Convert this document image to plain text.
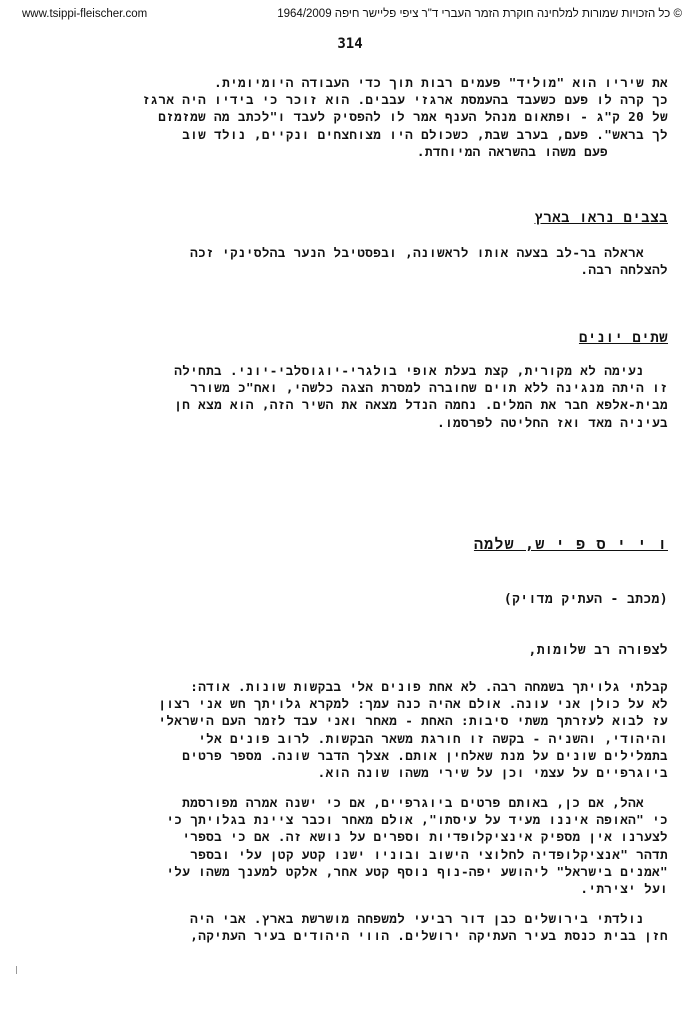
www.tsippi-fleischer.com	© כל הזכויות שמורות למלחינה חוקרת הזמר העברי ד"ר ציפי פליישר חיפה 1964/2009
314
את שיריו הוא "מוליד" פעמים רבות תוך כדי העבודה היומיומית.
כך קרה לו פעם כשעבד בהעמסת ארגזי עבבים. הוא זוכר כי בידיו היה ארגז
של 20 ק"ג - ופתאום מנהל הענף אמר לו להפסיק לעבד ו"לכתב מה שמזמזם
לך בראש". פעם, בערב שבת, כשכולם היו מצוחצחים ונקיים, נולד שוב
פעם משהו בהשראה המיוחדת.
בצבים נראו בארץ
אראלה בר-לב בצעה אותו לראשונה, ובפסטיבל הנער בהלסינקי זכה
להצלחה רבה.
שתים יונים
נעימה לא מקורית, קצת בעלת אופי בולגרי-יוגוסלבי-יוני. בתחילה
זו היתה מנגינה ללא תוים שחוברה למסרת הצגה כלשהי, ואח"כ משורר
מבית-אלפא חבר את המלים. נחמה הנדל מצאה את השיר הזה, הוא מצא חן
בעיניה מאד ואז החליטה לפרסמו.
ו י י ס פ י ש, שלמה
(מכתב - העתיק מדויק)
לצפורה רב שלומות,
קבלתי גלויתך בשמחה רבה. לא אחת פונים אלי בבקשות שונות. אודה:
לא על כולן אני עונה. אולם אהיה כנה עמך: למקרא גלויתך חש אני רצון
עז לבוא לעזרתך משתי סיבות: האחת - מאחר ואני עבד לזמר העם הישראלי
והיהודי, והשניה - בקשה זו חורגת משאר הבקשות. לרוב פונים אלי
בתמלילים שונים על מנת שאלחין אותם. אצלך הדבר שונה. מספר פרטים
ביוגרפיים על עצמי וכן על שירי משהו שונה הוא.
אהל, אם כן, באותם פרטים ביוגרפיים, אם כי ישנה אמרה מפורסמת
כי "האופה איננו מעיד על עיסתו", אולם מאחר וכבר ציינת בגלויתך כי
לצערנו אין מספיק אינציקלופדיות וספרים על נושא זה. אם כי בספרי
תדהר "אנציקלופדיה לחלוצי הישוב ובוניו ישנו קטע קטן עלי ובספר
"אמנים בישראל" ליהושע יפה-נוף נוסף קטע אחר, אלקט למענך משהו עלי
ועל יצירתי.
נולדתי בירושלים כבן דור רביעי למשפחה מושרשת בארץ. אבי היה
חזן בבית כנסת בעיר העתיקה ירושלים. הווי היהודים בעיר העתיקה,
